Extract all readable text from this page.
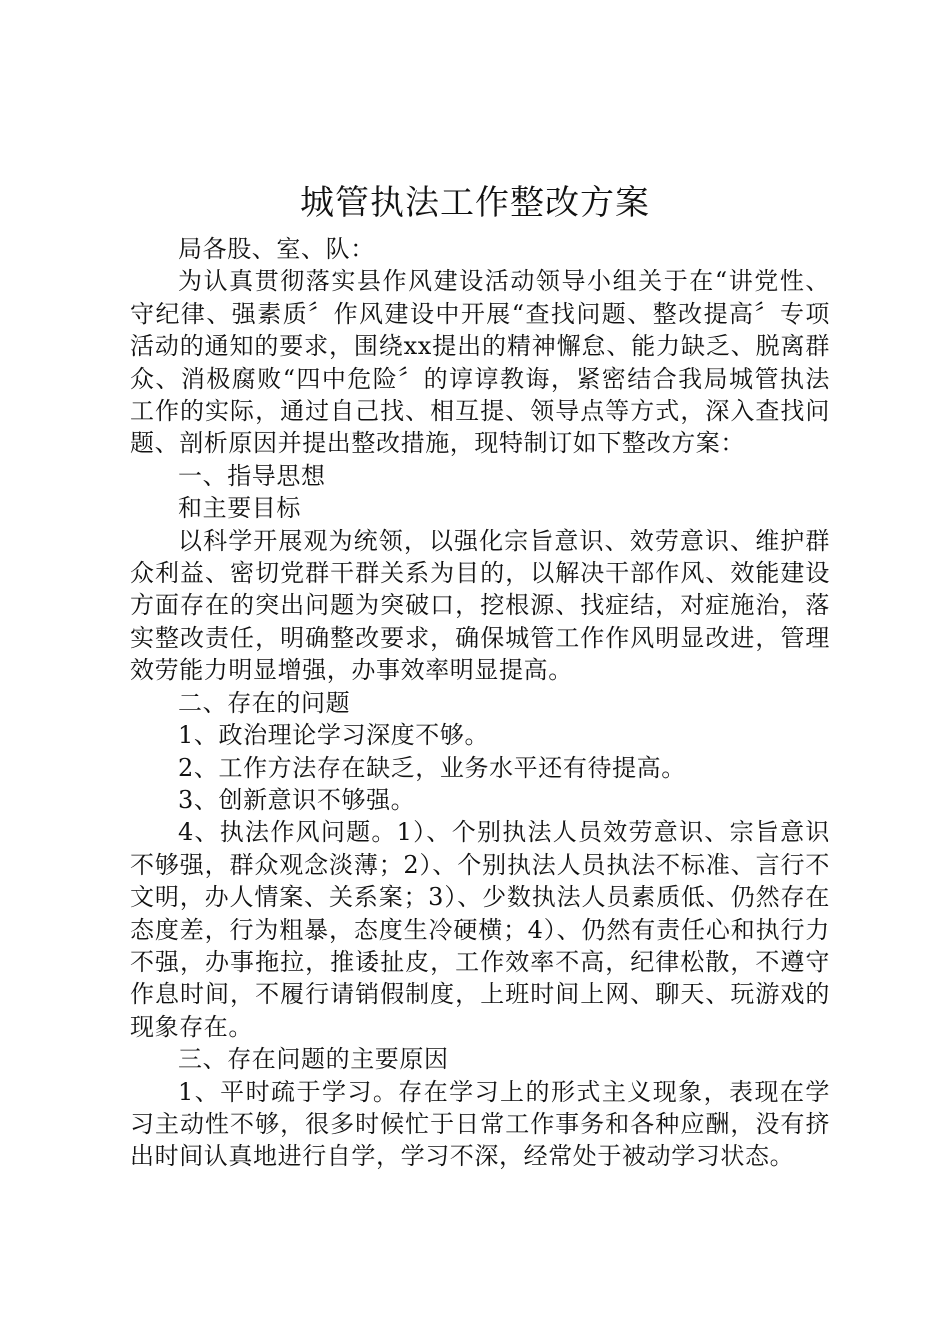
城管执法工作整改方案

局各股、室、队：

为认真贯彻落实县作风建设活动领导小组关于在“讲党性、守纪律、强素质〞作风建设中开展“查找问题、整改提高〞专项活动的通知的要求，围绕xx提出的精神懈怠、能力缺乏、脱离群众、消极腐败“四中危险〞的谆谆教诲，紧密结合我局城管执法工作的实际，通过自己找、相互提、领导点等方式，深入查找问题、剖析原因并提出整改措施，现特制订如下整改方案：

一、指导思想

和主要目标

以科学开展观为统领，以强化宗旨意识、效劳意识、维护群众利益、密切党群干群关系为目的，以解决干部作风、效能建设方面存在的突出问题为突破口，挖根源、找症结，对症施治，落实整改责任，明确整改要求，确保城管工作作风明显改进，管理效劳能力明显增强，办事效率明显提高。

二、存在的问题

1、政治理论学习深度不够。

2、工作方法存在缺乏，业务水平还有待提高。

3、创新意识不够强。

4、执法作风问题。1）、个别执法人员效劳意识、宗旨意识不够强，群众观念淡薄；2）、个别执法人员执法不标准、言行不文明，办人情案、关系案；3）、少数执法人员素质低、仍然存在态度差，行为粗暴，态度生冷硬横；4）、仍然有责任心和执行力不强，办事拖拉，推诿扯皮，工作效率不高，纪律松散，不遵守作息时间，不履行请销假制度，上班时间上网、聊天、玩游戏的现象存在。

三、存在问题的主要原因

1、平时疏于学习。存在学习上的形式主义现象，表现在学习主动性不够，很多时候忙于日常工作事务和各种应酬，没有挤出时间认真地进行自学，学习不深，经常处于被动学习状态。
